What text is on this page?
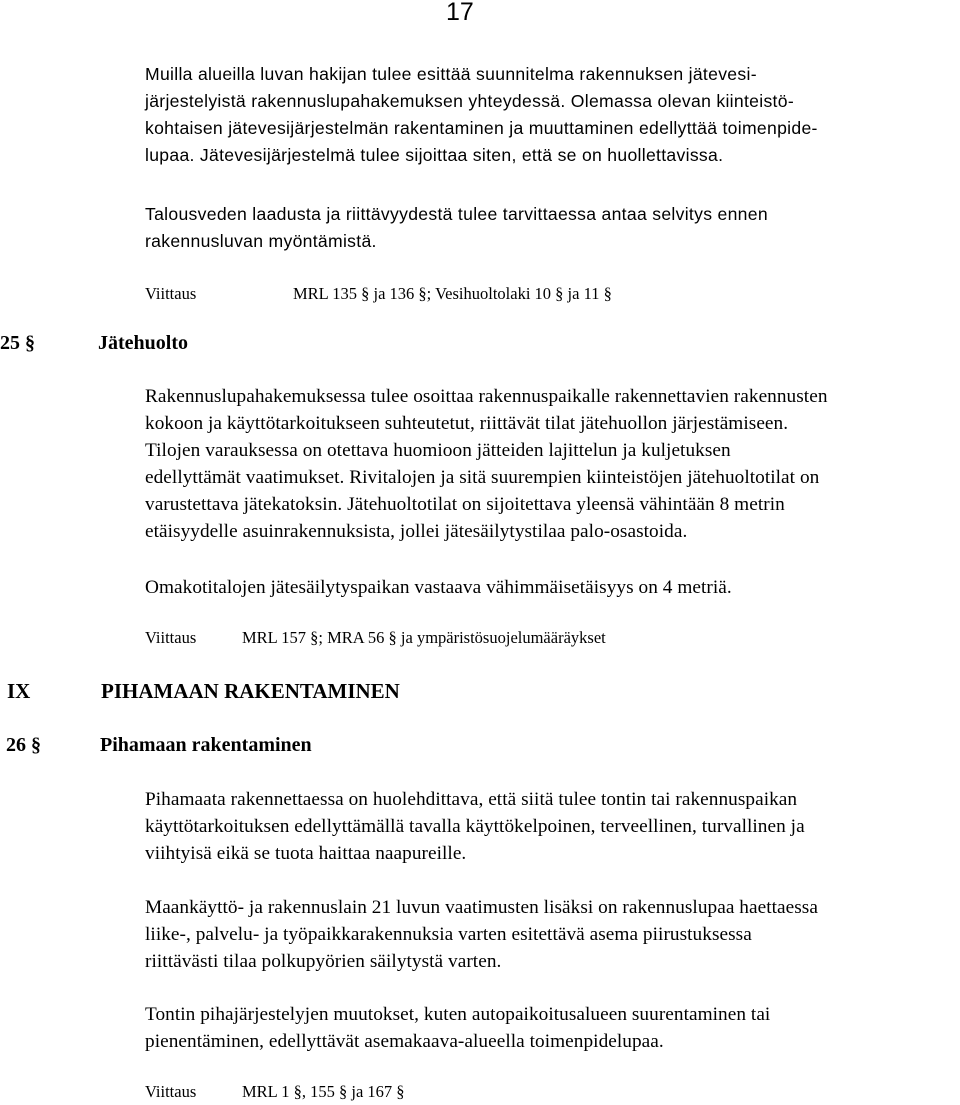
17
Muilla alueilla luvan hakijan tulee esittää suunnitelma rakennuksen jätevesi-
järjestelyistä rakennuslupahakemuksen yhteydessä. Olemassa olevan kiinteistö-
kohtaisen jätevesijärjestelmän rakentaminen ja muuttaminen edellyttää toimenpide-
lupaa. Jätevesijärjestelmä tulee sijoittaa siten, että se on huollettavissa.
Talousveden laadusta ja riittävyydestä tulee tarvittaessa antaa selvitys ennen
rakennusluvan myöntämistä.
Viittaus	MRL 135 § ja 136 §; Vesihuoltolaki 10 § ja 11 §
25 §	Jätehuolto
Rakennuslupahakemuksessa tulee osoittaa rakennuspaikalle rakennettavien rakennusten
kokoon ja käyttötarkoitukseen suhteutetut, riittävät tilat jätehuollon järjestämiseen.
Tilojen varauksessa on otettava huomioon jätteiden lajittelun ja kuljetuksen
edellyttämät vaatimukset. Rivitalojen ja sitä suurempien kiinteistöjen jätehuoltotilat on
varustettava jätekatoksin. Jätehuoltotilat on sijoitettava yleensä vähintään 8 metrin
etäisyydelle asuinrakennuksista, jollei jätesäilytystilaa palo-osastoida.
Omakotitalojen jätesäilytyspaikan vastaava vähimmäisetäisyys on 4 metriä.
Viittaus	MRL 157 §; MRA 56 § ja ympäristösuojelumääräykset
IX	PIHAMAAN RAKENTAMINEN
26 §	Pihamaan rakentaminen
Pihamaata rakennettaessa on huolehdittava, että siitä tulee tontin tai rakennuspaikan
käyttötarkoituksen edellyttämällä tavalla käyttökelpoinen, terveellinen, turvallinen ja
viihtyisä eikä se tuota haittaa naapureille.
Maankäyttö- ja rakennuslain 21 luvun vaatimusten lisäksi on rakennuslupaa haettaessa
liike-, palvelu- ja työpaikkarakennuksia varten esitettävä asema piirustuksessa
riittävästi tilaa polkupyörien säilytystä varten.
Tontin pihajärjestelyjen muutokset, kuten autopaikoitusalueen suurentaminen tai
pienentäminen, edellyttävät asemakaava-alueella toimenpidelupaa.
Viittaus	MRL 1 §, 155 § ja 167 §
